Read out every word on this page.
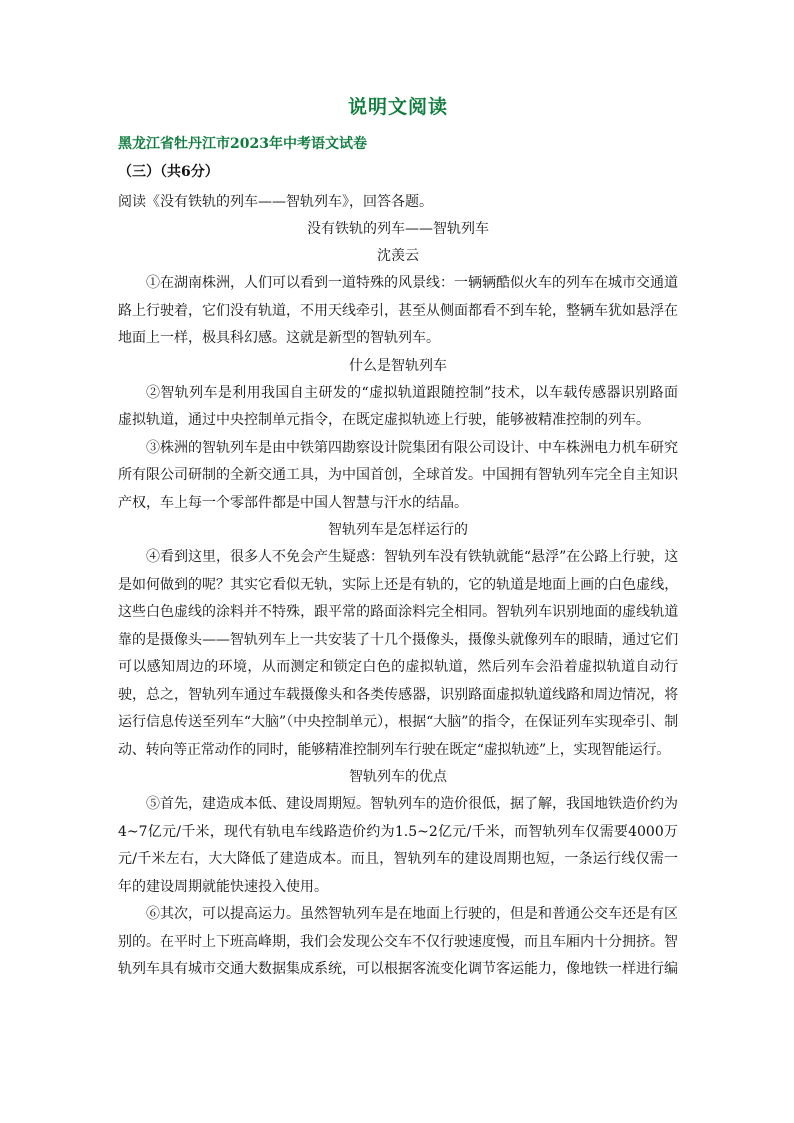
说明文阅读
黑龙江省牡丹江市2023年中考语文试卷
（三）（共6分）

阅读《没有铁轨的列车——智轨列车》，回答各题。

没有铁轨的列车——智轨列车

沈羡云

①在湖南株洲，人们可以看到一道特殊的风景线：一辆辆酷似火车的列车在城市交通道路上行驶着，它们没有轨道，不用天线牵引，甚至从侧面都看不到车轮，整辆车犹如悬浮在地面上一样，极具科幻感。这就是新型的智轨列车。

什么是智轨列车

②智轨列车是利用我国自主研发的“虚拟轨道跟随控制”技术，以车载传感器识别路面虚拟轨道，通过中央控制单元指令，在既定虚拟轨迹上行驶，能够被精准控制的列车。

③株洲的智轨列车是由中铁第四勘察设计院集团有限公司设计、中车株洲电力机车研究所有限公司研制的全新交通工具，为中国首创，全球首发。中国拥有智轨列车完全自主知识产权，车上每一个零部件都是中国人智慧与汗水的结晶。

智轨列车是怎样运行的

④看到这里，很多人不免会产生疑惑：智轨列车没有铁轨就能“悬浮”在公路上行驶，这是如何做到的呢？其实它看似无轨，实际上还是有轨的，它的轨道是地面上画的白色虚线，这些白色虚线的涂料并不特殊，跟平常的路面涂料完全相同。智轨列车识别地面的虚线轨道靠的是摄像头——智轨列车上一共安装了十几个摄像头，摄像头就像列车的眼睛，通过它们可以感知周边的环境，从而测定和锁定白色的虚拟轨道，然后列车会沿着虚拟轨道自动行驶，总之，智轨列车通过车载摄像头和各类传感器，识别路面虚拟轨道线路和周边情况，将运行信息传送至列车“大脑”（中央控制单元），根据“大脑”的指令，在保证列车实现牵引、制动、转向等正常动作的同时，能够精准控制列车行驶在既定“虚拟轨迹”上，实现智能运行。

智轨列车的优点

⑤首先，建造成本低、建设周期短。智轨列车的造价很低，据了解，我国地铁造价约为4~7亿元/千米，现代有轨电车线路造价约为1.5~2亿元/千米，而智轨列车仅需要4000万元/千米左右，大大降低了建造成本。而且，智轨列车的建设周期也短，一条运行线仅需一年的建设周期就能快速投入使用。

⑥其次，可以提高运力。虽然智轨列车是在地面上行驶的，但是和普通公交车还是有区别的。在平时上下班高峰期，我们会发现公交车不仅行驶速度慢，而且车厢内十分拥挤。智轨列车具有城市交通大数据集成系统，可以根据客流变化调节客运能力，像地铁一样进行编
